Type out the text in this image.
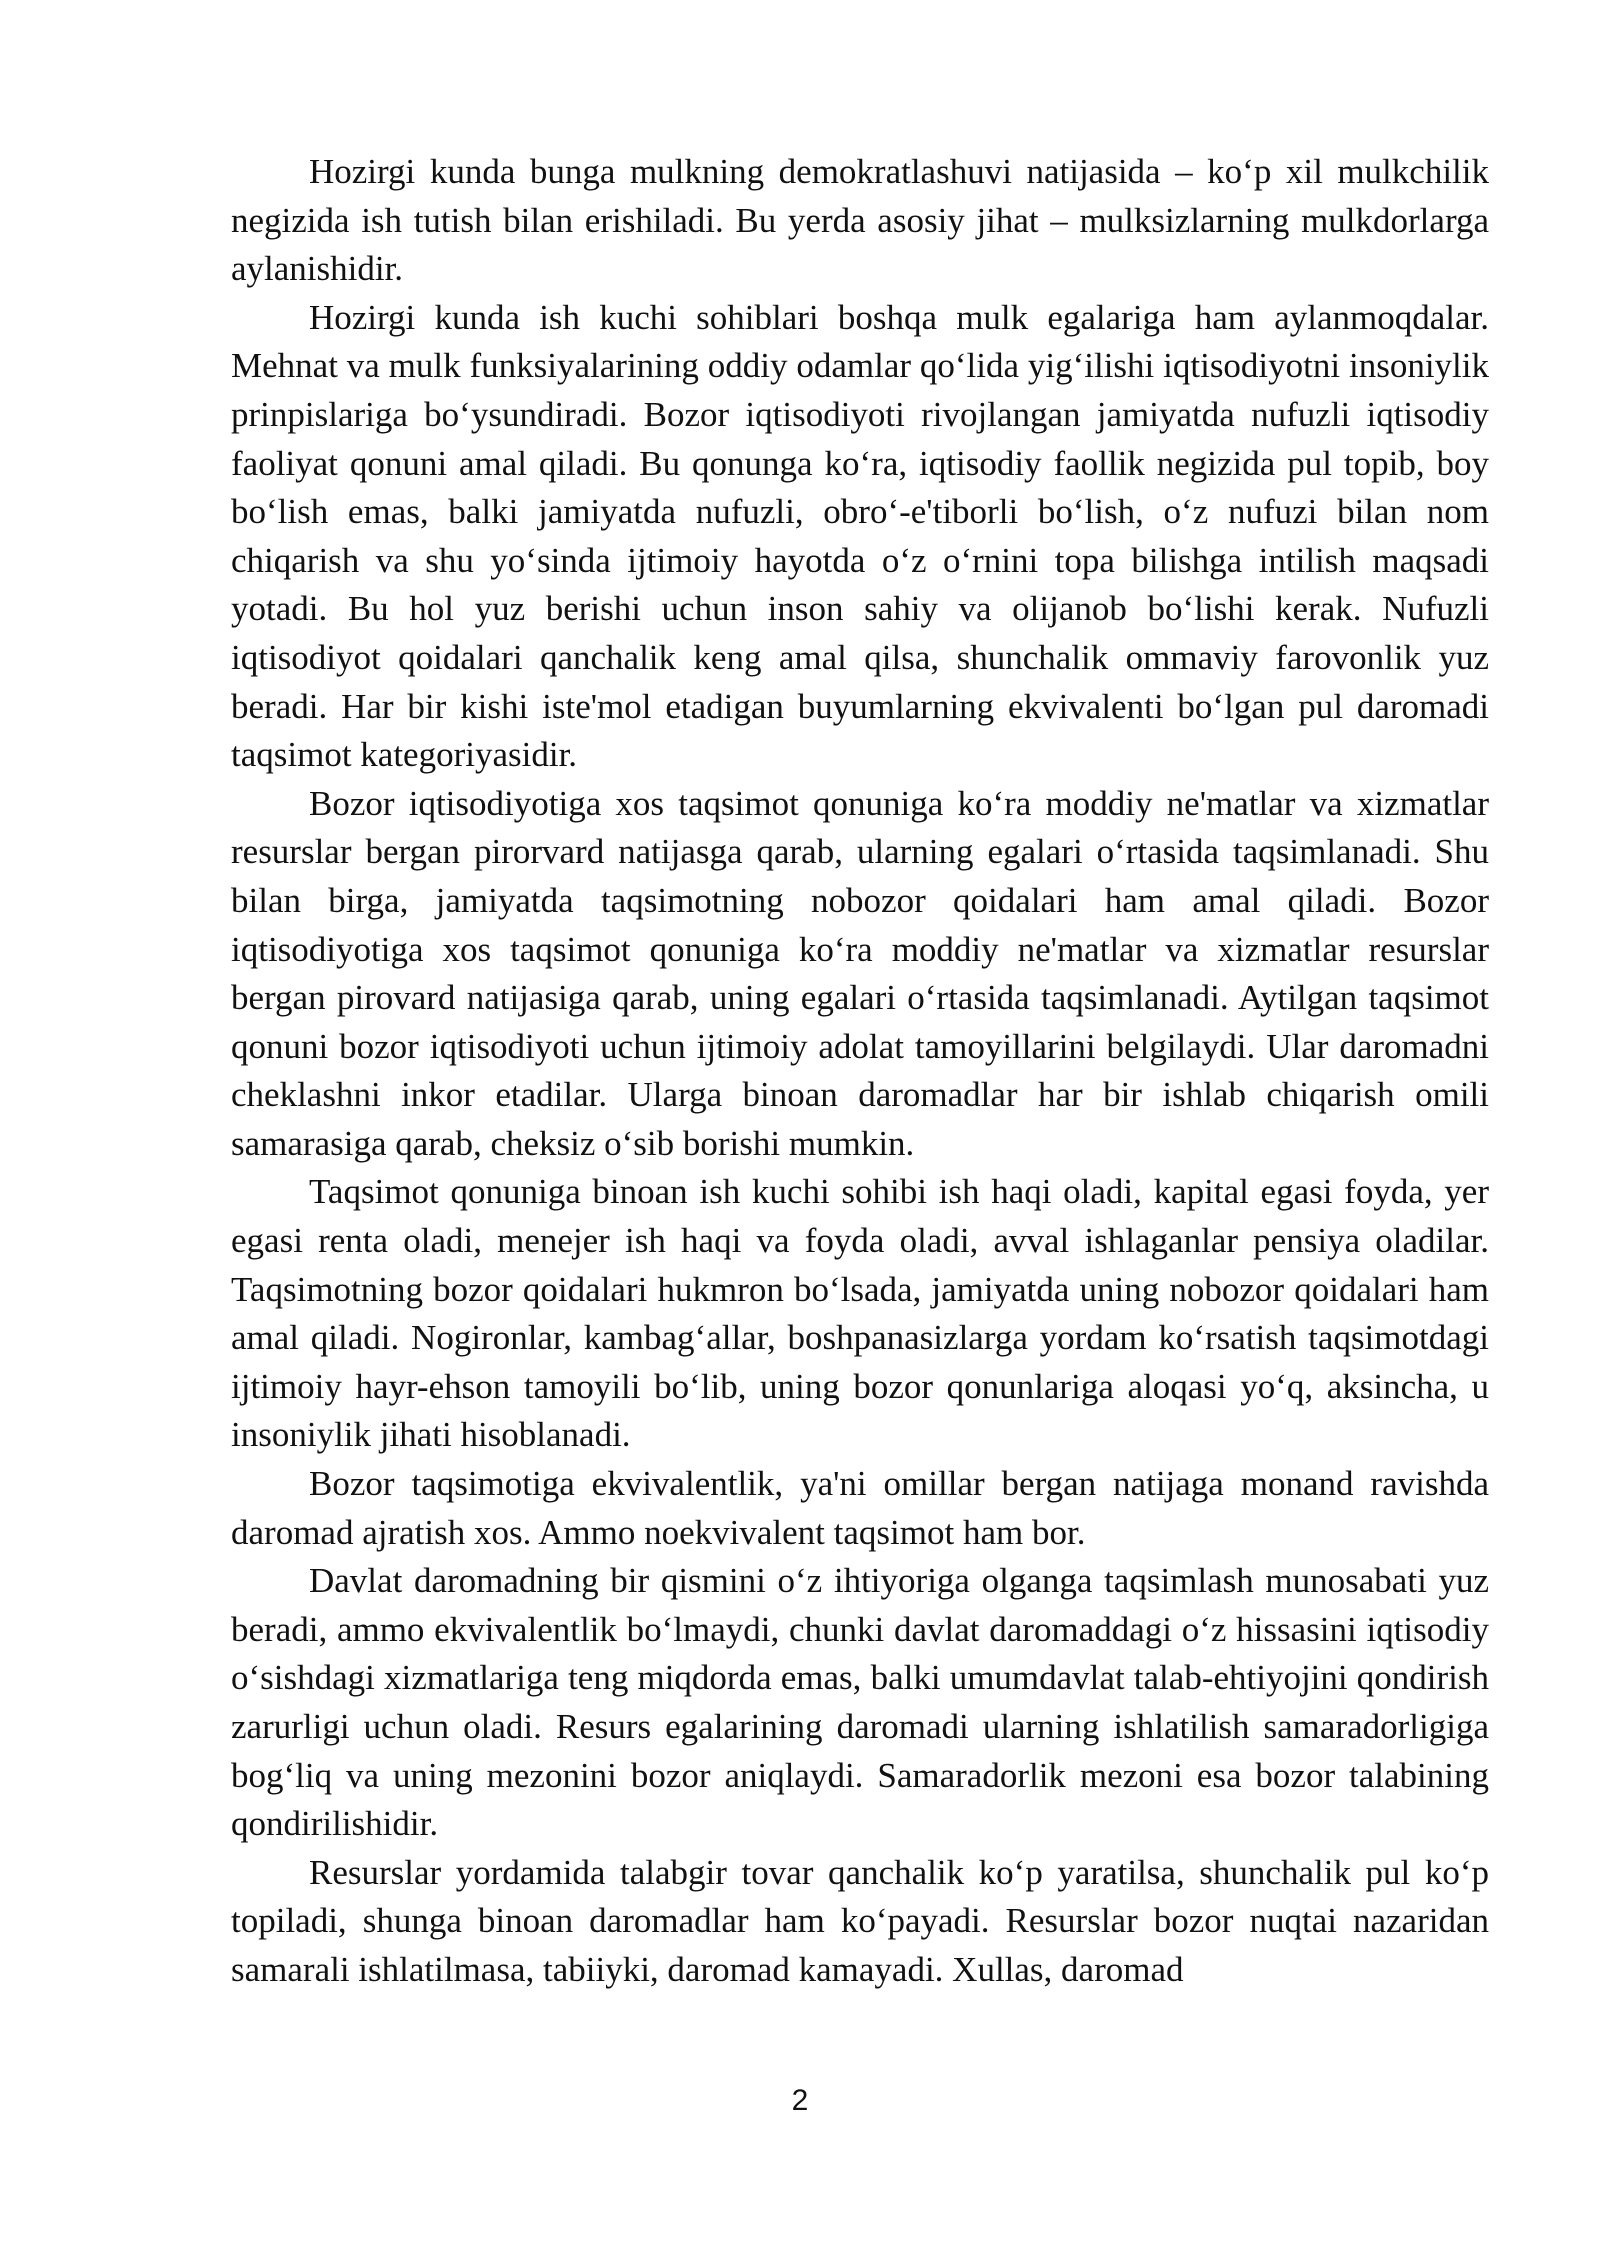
Hozirgi kunda bunga mulkning demokratlashuvi natijasida – koʻp xil mulkchilik negizida ish tutish bilan erishiladi. Bu yerda asosiy jihat – mulksizlarning mulkdorlarga aylanishidir.

Hozirgi kunda ish kuchi sohiblari boshqa mulk egalariga ham aylanmoqdalar. Mehnat va mulk funksiyalarining oddiy odamlar qoʻlida yigʻilishi iqtisodiyotni insoniylik prinpislariga boʻysundiradi. Bozor iqtisodiyoti rivojlangan jamiyatda nufuzli iqtisodiy faoliyat qonuni amal qiladi. Bu qonunga koʻra, iqtisodiy faollik negizida pul topib, boy boʻlish emas, balki jamiyatda nufuzli, obroʻ-e'tiborli boʻlish, oʻz nufuzi bilan nom chiqarish va shu yoʻsinda ijtimoiy hayotda oʻz oʻrnini topa bilishga intilish maqsadi yotadi. Bu hol yuz berishi uchun inson sahiy va olijanob boʻlishi kerak. Nufuzli iqtisodiyot qoidalari qanchalik keng amal qilsa, shunchalik ommaviy farovonlik yuz beradi. Har bir kishi iste'mol etadigan buyumlarning ekvivalenti boʻlgan pul daromadi taqsimot kategoriyasidir.

Bozor iqtisodiyotiga xos taqsimot qonuniga koʻra moddiy ne'matlar va xizmatlar resurslar bergan pirorvard natijasga qarab, ularning egalari oʻrtasida taqsimlanadi. Shu bilan birga, jamiyatda taqsimotning nobozor qoidalari ham amal qiladi. Bozor iqtisodiyotiga xos taqsimot qonuniga koʻra moddiy ne'matlar va xizmatlar resurslar bergan pirovard natijasiga qarab, uning egalari oʻrtasida taqsimlanadi. Aytilgan taqsimot qonuni bozor iqtisodiyoti uchun ijtimoiy adolat tamoyillarini belgilaydi. Ular daromadni cheklashni inkor etadilar. Ularga binoan daromadlar har bir ishlab chiqarish omili samarasiga qarab, cheksiz oʻsib borishi mumkin.

Taqsimot qonuniga binoan ish kuchi sohibi ish haqi oladi, kapital egasi foyda, yer egasi renta oladi, menejer ish haqi va foyda oladi, avval ishlaganlar pensiya oladilar. Taqsimotning bozor qoidalari hukmron boʻlsada, jamiyatda uning nobozor qoidalari ham amal qiladi. Nogironlar, kambagʻallar, boshpanasizlarga yordam koʻrsatish taqsimotdagi ijtimoiy hayr-ehson tamoyili boʻlib, uning bozor qonunlariga aloqasi yoʻq, aksincha, u insoniylik jihati hisoblanadi.

Bozor taqsimotiga ekvivalentlik, ya'ni omillar bergan natijaga monand ravishda daromad ajratish xos. Ammo noekvivalent taqsimot ham bor.

Davlat daromadning bir qismini oʻz ihtiyoriga olganga taqsimlash munosabati yuz beradi, ammo ekvivalentlik boʻlmaydi, chunki davlat daromaddagi oʻz hissasini iqtisodiy oʻsishdagi xizmatlariga teng miqdorda emas, balki umumdavlat talab-ehtiyojini qondirish zarurligi uchun oladi. Resurs egalarining daromadi ularning ishlatilish samaradorligiga bogʻliq va uning mezonini bozor aniqlaydi. Samaradorlik mezoni esa bozor talabining qondirilishidir.

Resurslar yordamida talabgir tovar qanchalik koʻp yaratilsa, shunchalik pul koʻp topiladi, shunga binoan daromadlar ham koʻpayadi. Resurslar bozor nuqtai nazaridan samarali ishlatilmasa, tabiiyki, daromad kamayadi. Xullas, daromad

2
